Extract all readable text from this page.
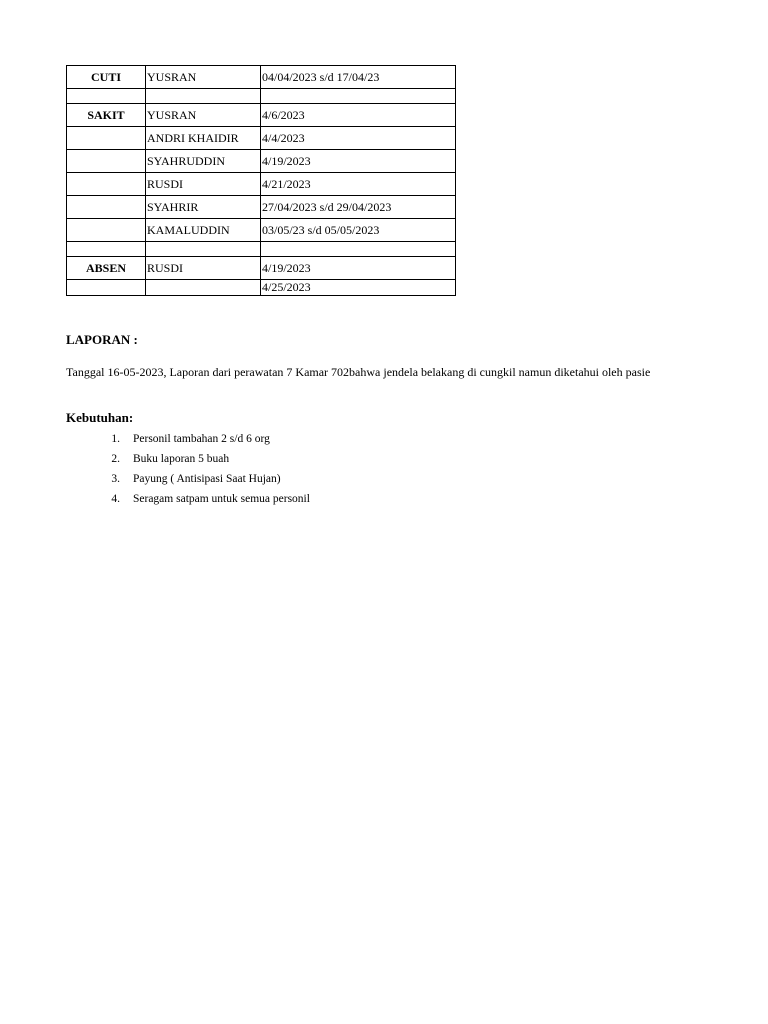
CUTI	YUSRAN	04/04/2023 s/d 17/04/23

SAKIT	YUSRAN	4/6/2023
	ANDRI KHAIDIR	4/4/2023
	SYAHRUDDIN	4/19/2023
	RUSDI	4/21/2023
	SYAHRIR	27/04/2023 s/d 29/04/2023
	KAMALUDDIN	03/05/23 s/d 05/05/2023

ABSEN	RUSDI	4/19/2023
		4/25/2023

LAPORAN :

Tanggal 16-05-2023, Laporan dari perawatan 7 Kamar 702bahwa jendela belakang di cungkil namun diketahui oleh pasie

Kebutuhan:

1. Personil tambahan 2 s/d 6 org
2. Buku laporan 5 buah
3. Payung ( Antisipasi Saat Hujan)
4. Seragam satpam untuk semua personil
